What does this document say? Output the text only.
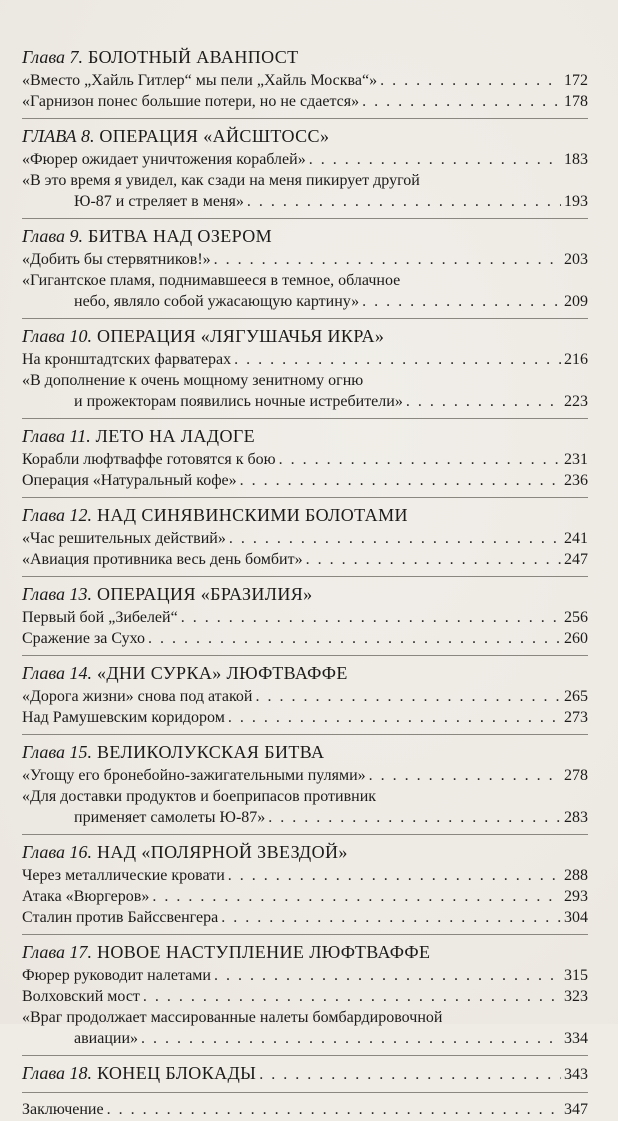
Глава 7. БОЛОТНЫЙ АВАНПОСТ
«Вместо „Хайль Гитлер“ мы пели „Хайль Москва“» . . .	172
«Гарнизон понес большие потери, но не сдается» . . .	178
ГЛАВА 8. ОПЕРАЦИЯ «АЙСШТОСС»
«Фюрер ожидает уничтожения кораблей» . . .	183
«В это время я увидел, как сзади на меня пикирует другой
Ю-87 и стреляет в меня» . . .	193
Глава 9. БИТВА НАД ОЗЕРОМ
«Добить бы стервятников!» . . .	203
«Гигантское пламя, поднимавшееся в темное, облачное
небо, являло собой ужасающую картину» . . .	209
Глава 10. ОПЕРАЦИЯ «ЛЯГУШАЧЬЯ ИКРА»
На кронштадтских фарватерах . . .	216
«В дополнение к очень мощному зенитному огню
и прожекторам появились ночные истребители» . . .	223
Глава 11. ЛЕТО НА ЛАДОГЕ
Корабли люфтваффе готовятся к бою . . .	231
Операция «Натуральный кофе» . . .	236
Глава 12. НАД СИНЯВИНСКИМИ БОЛОТАМИ
«Час решительных действий» . . .	241
«Авиация противника весь день бомбит» . . .	247
Глава 13. ОПЕРАЦИЯ «БРАЗИЛИЯ»
Первый бой „Зибелей“ . . .	256
Сражение за Сухо . . .	260
Глава 14. «ДНИ СУРКА» ЛЮФТВАФФЕ
«Дорога жизни» снова под атакой . . .	265
Над Рамушевским коридором . . .	273
Глава 15. ВЕЛИКОЛУКСКАЯ БИТВА
«Угощу его бронебойно-зажигательными пулями» . . .	278
«Для доставки продуктов и боеприпасов противник
применяет самолеты Ю-87» . . .	283
Глава 16. НАД «ПОЛЯРНОЙ ЗВЕЗДОЙ»
Через металлические кровати . . .	288
Атака «Вюргеров» . . .	293
Сталин против Байссвенгера . . .	304
Глава 17. НОВОЕ НАСТУПЛЕНИЕ ЛЮФТВАФФЕ
Фюрер руководит налетами . . .	315
Волховский мост . . .	323
«Враг продолжает массированные налеты бомбардировочной
авиации» . . .	334
Глава 18. КОНЕЦ БЛОКАДЫ . . .	343
Заключение . . .	347
